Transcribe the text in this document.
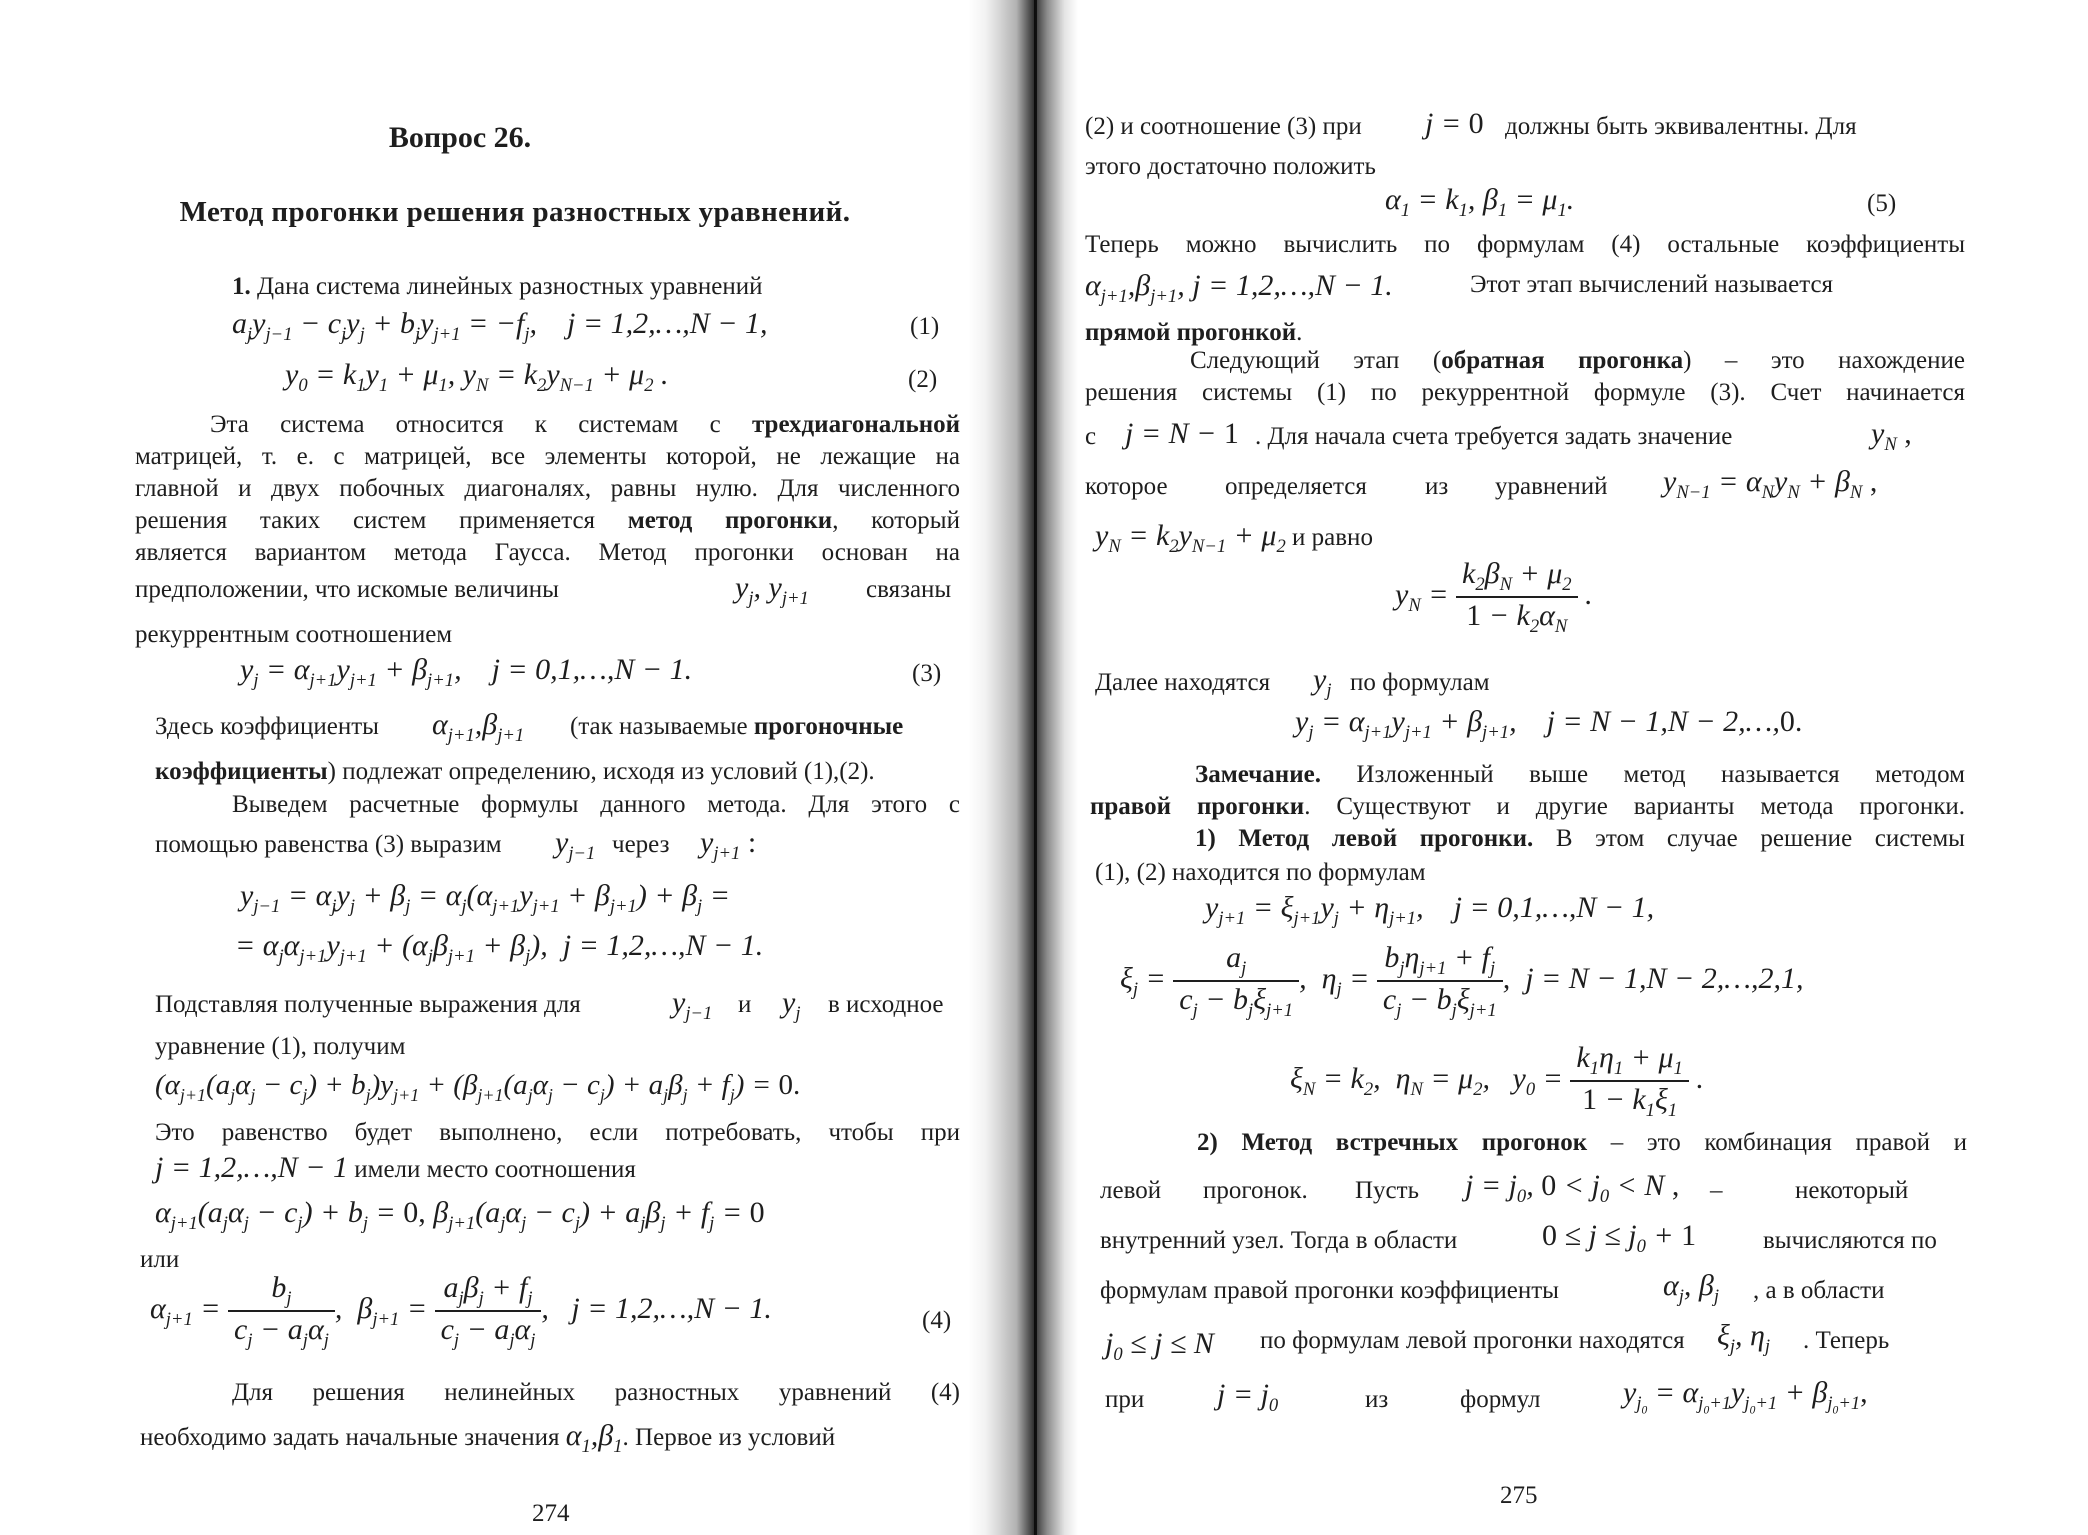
Вопрос 26.
Метод прогонки решения разностных уравнений.
1. Дана система линейных разностных уравнений
$a_jy_{j-1} - c_jy_j + b_jy_{j+1} = -f_j$,    j = 1,2,…,N − 1,	(1)
$y_0 = k_1y_1 + \mu_1$, $y_N = k_2y_{N-1} + \mu_2$ .	(2)
Эта система относится к системам с трехдиагональной
матрицей, т. е. с матрицей, все элементы которой, не лежащие на
главной и двух побочных диагоналях, равны нулю. Для численного
решения таких систем применяется метод прогонки, который
является вариантом метода Гаусса. Метод прогонки основан на
предположении, что искомые величины	$y_j$, $y_{j+1}$ связаны
рекуррентным соотношением
$y_j = \alpha_{j+1}y_{j+1} + \beta_{j+1}$,    j = 0,1,…,N − 1.	(3)
Здесь коэффициенты $\alpha_{j+1},\beta_{j+1}$ (так называемые прогоночные
коэффициенты) подлежат определению, исходя из условий (1),(2).
Выведем расчетные формулы данного метода. Для этого с
помощью равенства (3) выразим $y_{j-1}$ через $y_{j+1}$ :
$y_{j-1} = \alpha_jy_j + \beta_j = \alpha_j(\alpha_{j+1}y_{j+1} + \beta_{j+1}) + \beta_j$ =
= $\alpha_j\alpha_{j+1}y_{j+1} + (\alpha_j\beta_{j+1} + \beta_j)$,  j = 1,2,…,N − 1.
Подставляя полученные выражения для	$y_{j-1}$ и $y_j$ в исходное
уравнение (1), получим
$(\alpha_{j+1}(a_j\alpha_j - c_j) + b_j)y_{j+1} + (\beta_{j+1}(a_j\alpha_j - c_j) + a_j\beta_j + f_j) = 0$.
Это равенство будет выполнено, если потребовать, чтобы при
j = 1,2,…,N − 1 имели место соотношения
$\alpha_{j+1}(a_j\alpha_j - c_j) + b_j = 0$, $\beta_{j+1}(a_j\alpha_j - c_j) + a_j\beta_j + f_j = 0$
или
$\alpha_{j+1} = \frac{b_j}{c_j - a_j\alpha_j}$ ,  $\beta_{j+1} = \frac{a_j\beta_j + f_j}{c_j - a_j\alpha_j}$ ,   j = 1,2,…,N − 1.	(4)
Для решения нелинейных разностных уравнений (4)
необходимо задать начальные значения $\alpha_1,\beta_1$. Первое из условий
274
(2) и соотношение (3) при j = 0 должны быть эквивалентны. Для
этого достаточно положить
$\alpha_1 = k_1$, $\beta_1 = \mu_1$.	(5)
Теперь можно вычислить по формулам (4) остальные коэффициенты
$\alpha_{j+1},\beta_{j+1}$, j = 1,2,…,N − 1.	Этот этап вычислений называется
прямой прогонкой.
Следующий этап (обратная прогонка) – это нахождение
решения системы (1) по рекуррентной формуле (3). Счет начинается
с j = N − 1 . Для начала счета требуется задать значение	$y_N$ ,
которое определяется из уравнений $y_{N-1} = \alpha_Ny_N + \beta_N$ ,
$y_N = k_2y_{N-1} + \mu_2$ и равно
$y_N = \frac{k_2\beta_N + \mu_2}{1 - k_2\alpha_N}$ .
Далее находятся $y_j$ по формулам
$y_j = \alpha_{j+1}y_{j+1} + \beta_{j+1}$,    j = N − 1,N − 2,…,0.
Замечание. Изложенный выше метод называется методом
правой прогонки. Существуют и другие варианты метода прогонки.
1) Метод левой прогонки. В этом случае решение системы
(1), (2) находится по формулам
$y_{j+1} = \xi_{j+1}y_j + \eta_{j+1}$,    j = 0,1,…,N − 1,
$\xi_j = \frac{a_j}{c_j - b_j\xi_{j+1}}$ ,  $\eta_j = \frac{b_j\eta_{j+1} + f_j}{c_j - b_j\xi_{j+1}}$ ,  j = N − 1,N − 2,…,2,1,
$\xi_N = k_2$,  $\eta_N = \mu_2$,   $y_0 = \frac{k_1\eta_1 + \mu_1}{1 - k_1\xi_1}$ .
2) Метод встречных прогонок – это комбинация правой и
левой прогонок. Пусть $j = j_0$, $0 < j_0 < N$ , –	некоторый
внутренний узел. Тогда в области	$0 \le j \le j_0 + 1$	вычисляются по
формулам правой прогонки коэффициенты	$\alpha_j$, $\beta_j$ , а в области
$j_0 \le j \le N$ по формулам левой прогонки находятся $\xi_j$, $\eta_j$ . Теперь
при $j = j_0$	из	формул	$y_{j_0} = \alpha_{j_0+1}y_{j_0+1} + \beta_{j_0+1}$,
275
